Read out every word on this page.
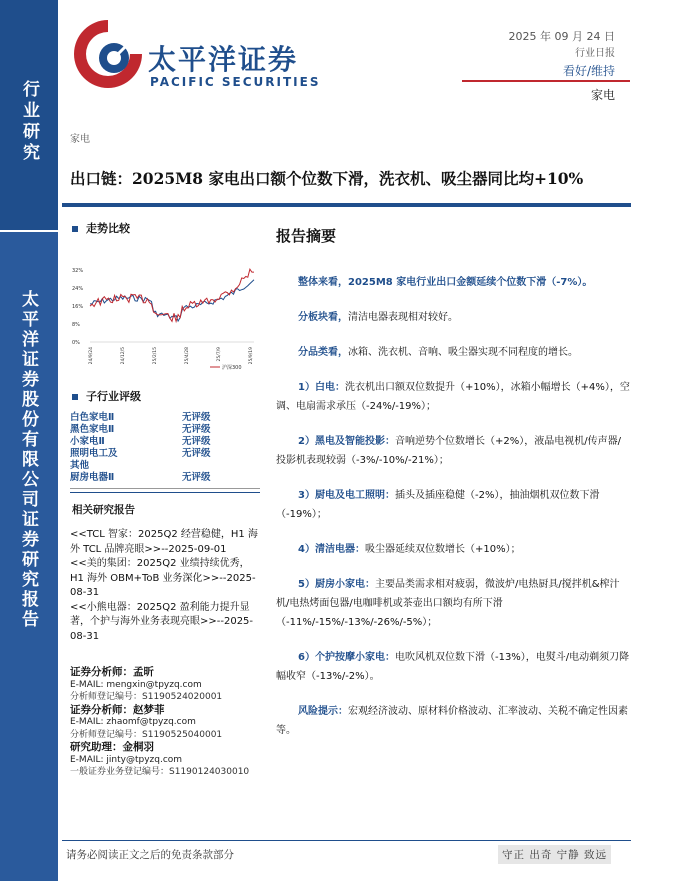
行业研究
太平洋证券股份有限公司证券研究报告
太平洋证券
PACIFIC SECURITIES
2025 年 09 月 24 日
行业日报
看好/维持
家电
家电
出口链：2025M8 家电出口额个位数下滑，洗衣机、吸尘器同比均+10%
走势比较
32%
24%
16%
8%
0%
24/9/24	24/12/5	25/2/15	25/4/28	25/7/9	25/9/19
沪深300
子行业评级
白色家电Ⅱ	无评级
黑色家电Ⅱ	无评级
小家电Ⅱ	无评级
照明电工及	无评级
其他
厨房电器Ⅱ	无评级
相关研究报告
<<TCL 智家：2025Q2 经营稳健，H1 海外 TCL 品牌亮眼>>--2025-09-01
<<美的集团：2025Q2 业绩持续优秀，H1 海外 OBM+ToB 业务深化>>--2025-08-31
<<小熊电器：2025Q2 盈利能力提升显著，个护与海外业务表现亮眼>>--2025-08-31
证券分析师：孟昕
E-MAIL: mengxin@tpyzq.com
分析师登记编号：S1190524020001
证券分析师：赵梦菲
E-MAIL: zhaomf@tpyzq.com
分析师登记编号：S1190525040001
研究助理：金桐羽
E-MAIL: jinty@tpyzq.com
一般证券业务登记编号：S1190124030010
报告摘要

整体来看，2025M8 家电行业出口金额延续个位数下滑（-7%）。

分板块看，清洁电器表现相对较好。

分品类看，冰箱、洗衣机、音响、吸尘器实现不同程度的增长。

1）白电：洗衣机出口额双位数提升（+10%），冰箱小幅增长（+4%），空调、电扇需求承压（-24%/-19%）；

2）黑电及智能投影：音响逆势个位数增长（+2%），液晶电视机/传声器/投影机表现较弱（-3%/-10%/-21%）；

3）厨电及电工照明：插头及插座稳健（-2%），抽油烟机双位数下滑（-19%）；

4）清洁电器：吸尘器延续双位数增长（+10%）；

5）厨房小家电：主要品类需求相对疲弱，微波炉/电热厨具/搅拌机&榨汁机/电热烤面包器/电咖啡机或茶壶出口额均有所下滑（-11%/-15%/-13%/-26%/-5%）；

6）个护按摩小家电：电吹风机双位数下滑（-13%），电熨斗/电动剃须刀降幅收窄（-13%/-2%）。

风险提示：宏观经济波动、原材料价格波动、汇率波动、关税不确定性因素等。

请务必阅读正文之后的免责条款部分	守正 出奇 宁静 致远
